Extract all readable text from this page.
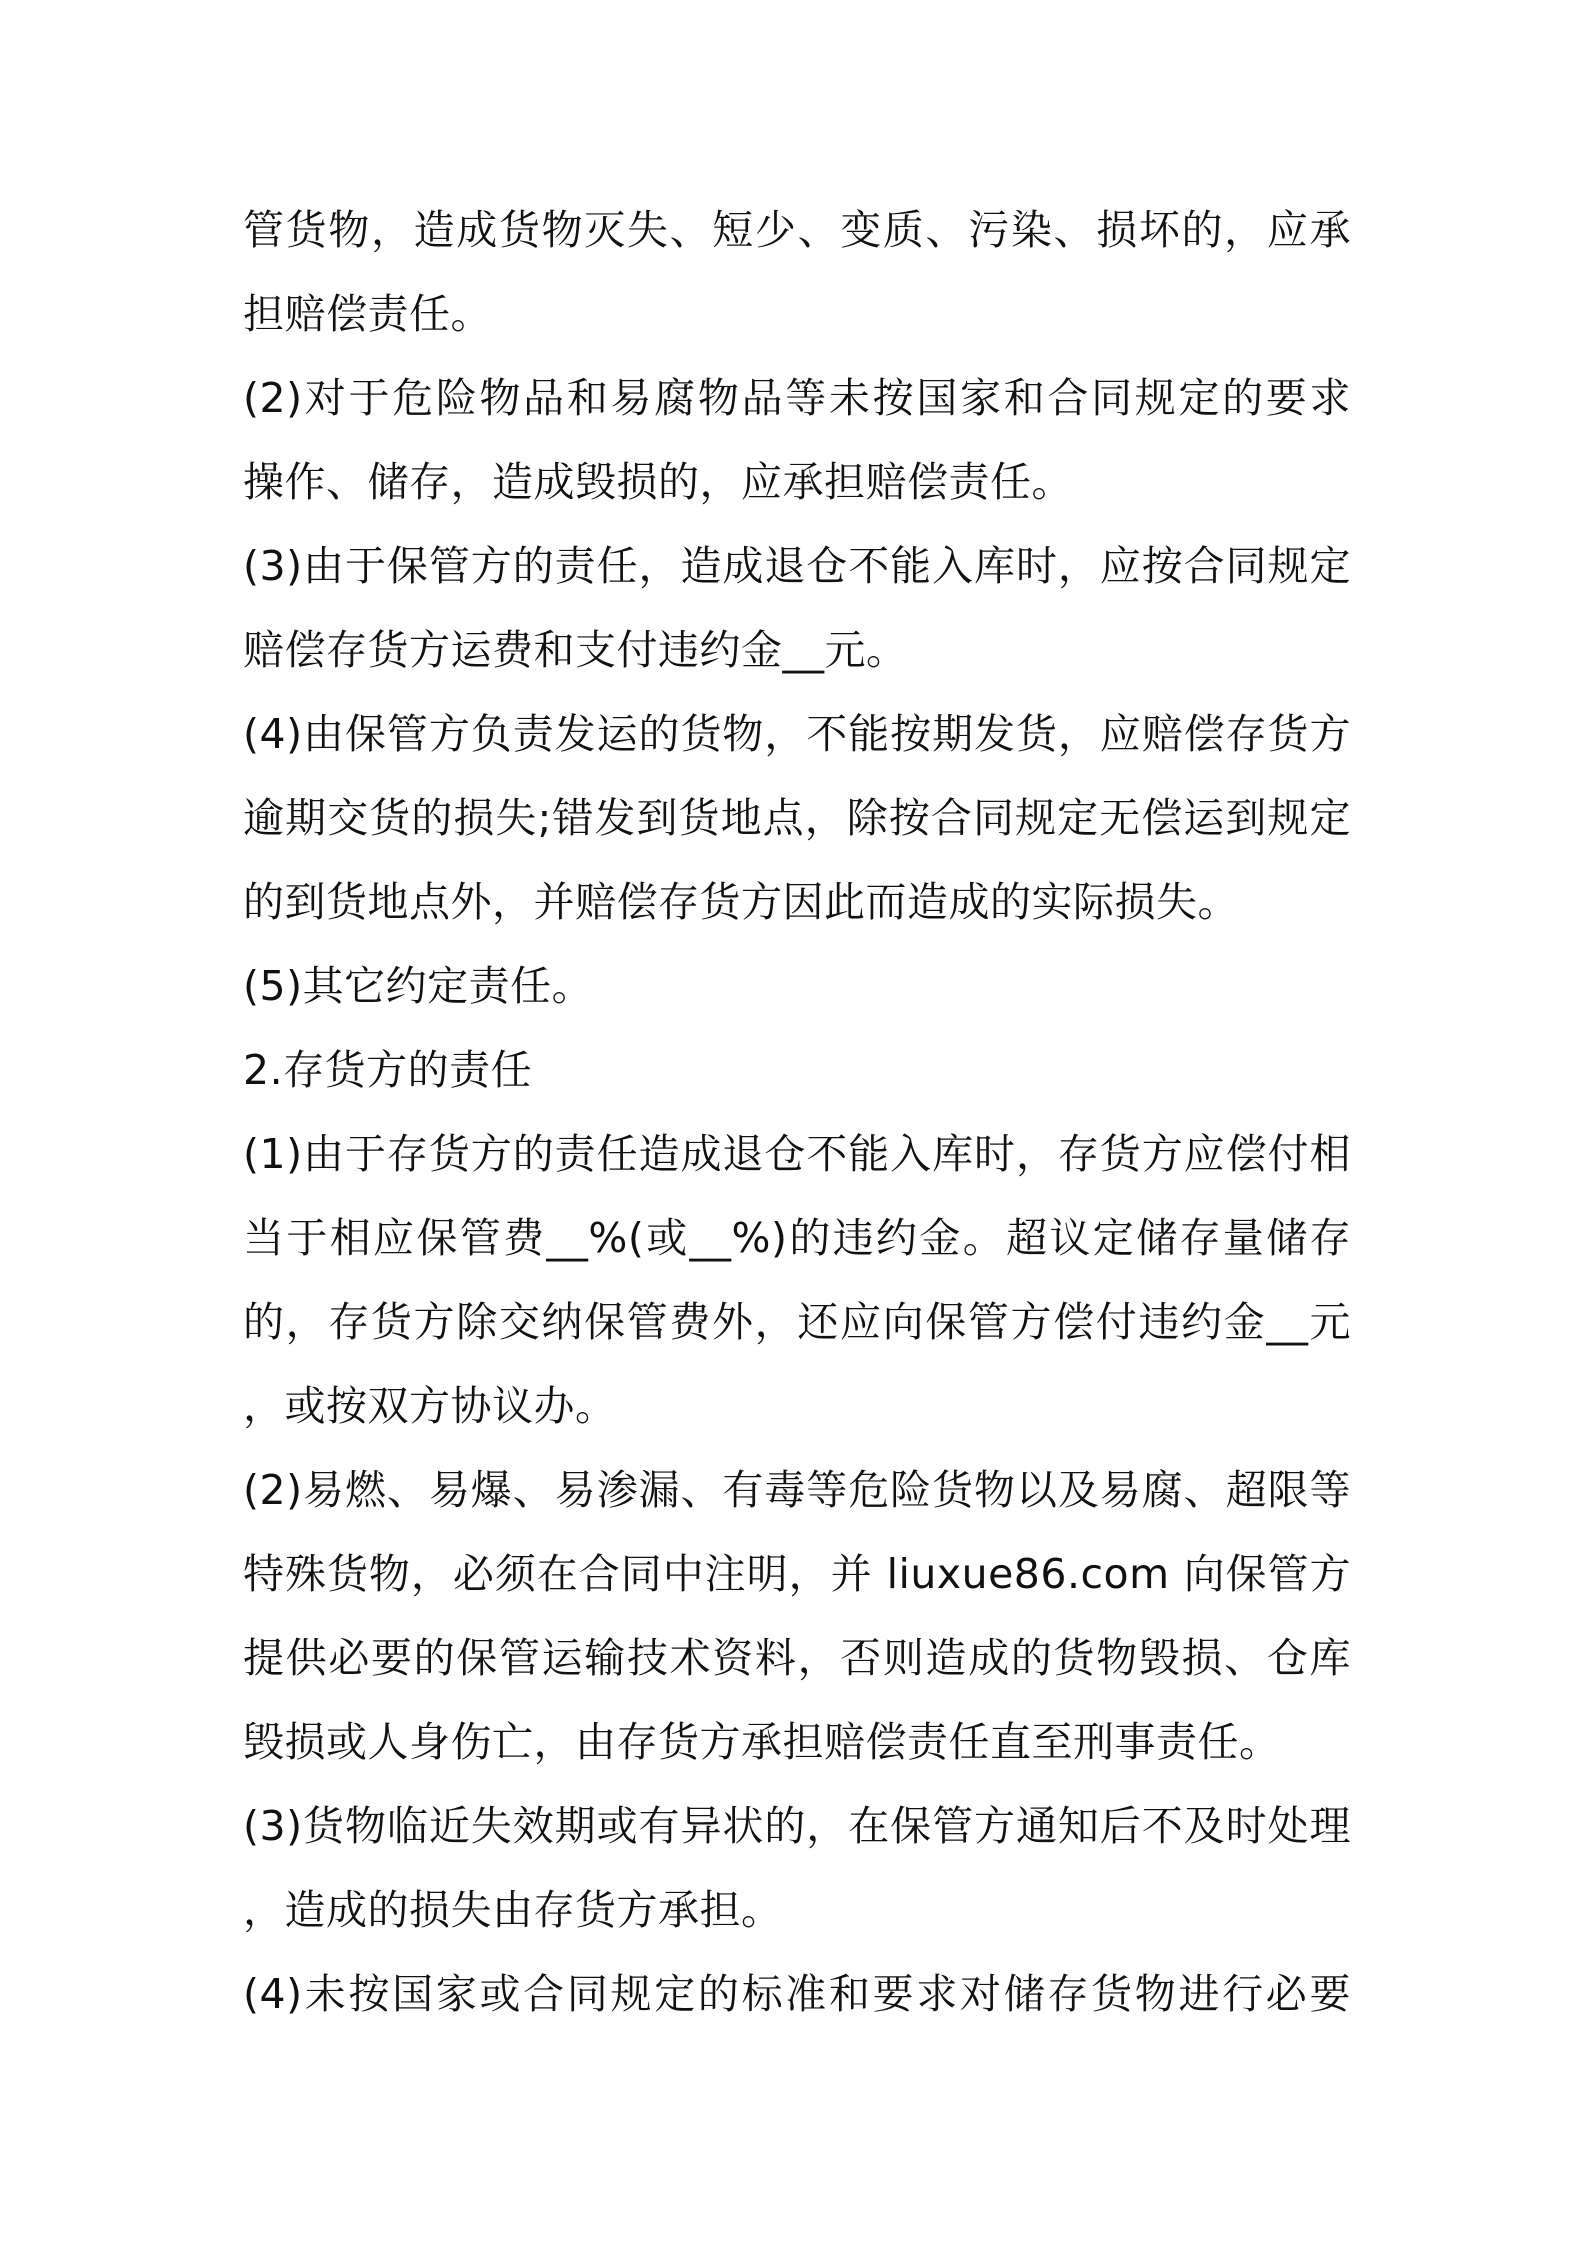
管货物，造成货物灭失、短少、变质、污染、损坏的，应承
担赔偿责任。
(2)对于危险物品和易腐物品等未按国家和合同规定的要求
操作、储存，造成毁损的，应承担赔偿责任。
(3)由于保管方的责任，造成退仓不能入库时，应按合同规定
赔偿存货方运费和支付违约金__元。
(4)由保管方负责发运的货物，不能按期发货，应赔偿存货方
逾期交货的损失;错发到货地点，除按合同规定无偿运到规定
的到货地点外，并赔偿存货方因此而造成的实际损失。
(5)其它约定责任。
2.存货方的责任
(1)由于存货方的责任造成退仓不能入库时，存货方应偿付相
当于相应保管费__%(或__%)的违约金。超议定储存量储存
的，存货方除交纳保管费外，还应向保管方偿付违约金__元
，或按双方协议办。
(2)易燃、易爆、易渗漏、有毒等危险货物以及易腐、超限等
特殊货物，必须在合同中注明，并 liuxue86.com 向保管方
提供必要的保管运输技术资料，否则造成的货物毁损、仓库
毁损或人身伤亡，由存货方承担赔偿责任直至刑事责任。
(3)货物临近失效期或有异状的，在保管方通知后不及时处理
，造成的损失由存货方承担。
(4)未按国家或合同规定的标准和要求对储存货物进行必要
